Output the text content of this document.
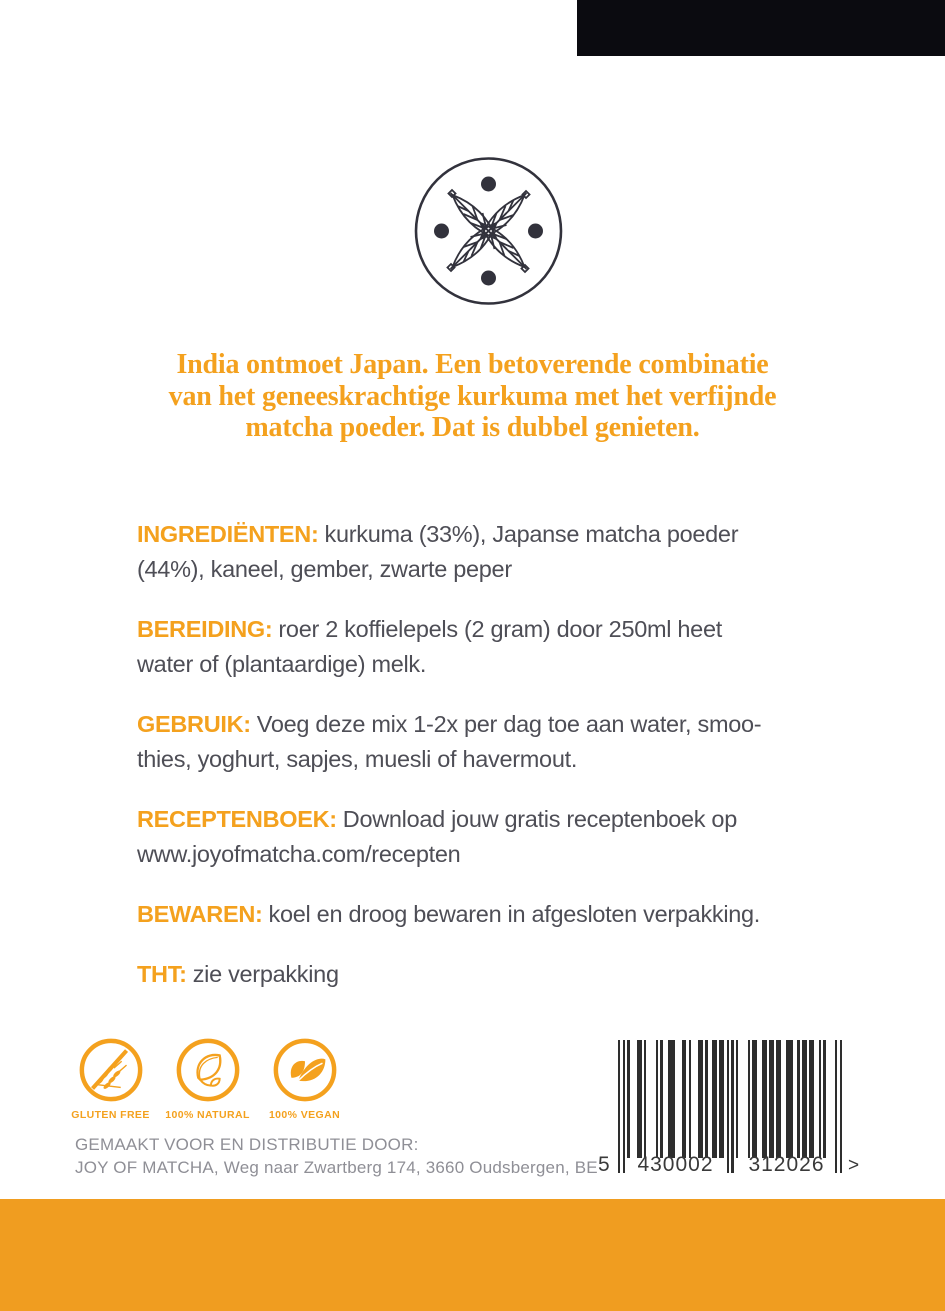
India ontmoet Japan. Een betoverende combinatie
van het geneeskrachtige kurkuma met het verfijnde
matcha poeder. Dat is dubbel genieten.

INGREDIËNTEN: kurkuma (33%), Japanse matcha poeder
(44%), kaneel, gember, zwarte peper

BEREIDING: roer 2 koffielepels (2 gram) door 250ml heet
water of (plantaardige) melk.

GEBRUIK: Voeg deze mix 1-2x per dag toe aan water, smoo-
thies, yoghurt, sapjes, muesli of havermout.

RECEPTENBOEK: Download jouw gratis receptenboek op
www.joyofmatcha.com/recepten

BEWAREN: koel en droog bewaren in afgesloten verpakking.

THT: zie verpakking

GLUTEN FREE 100% NATURAL 100% VEGAN
GEMAAKT VOOR EN DISTRIBUTIE DOOR:
JOY OF MATCHA, Weg naar Zwartberg 174, 3660 Oudsbergen, BE 5	430002	312026	>
